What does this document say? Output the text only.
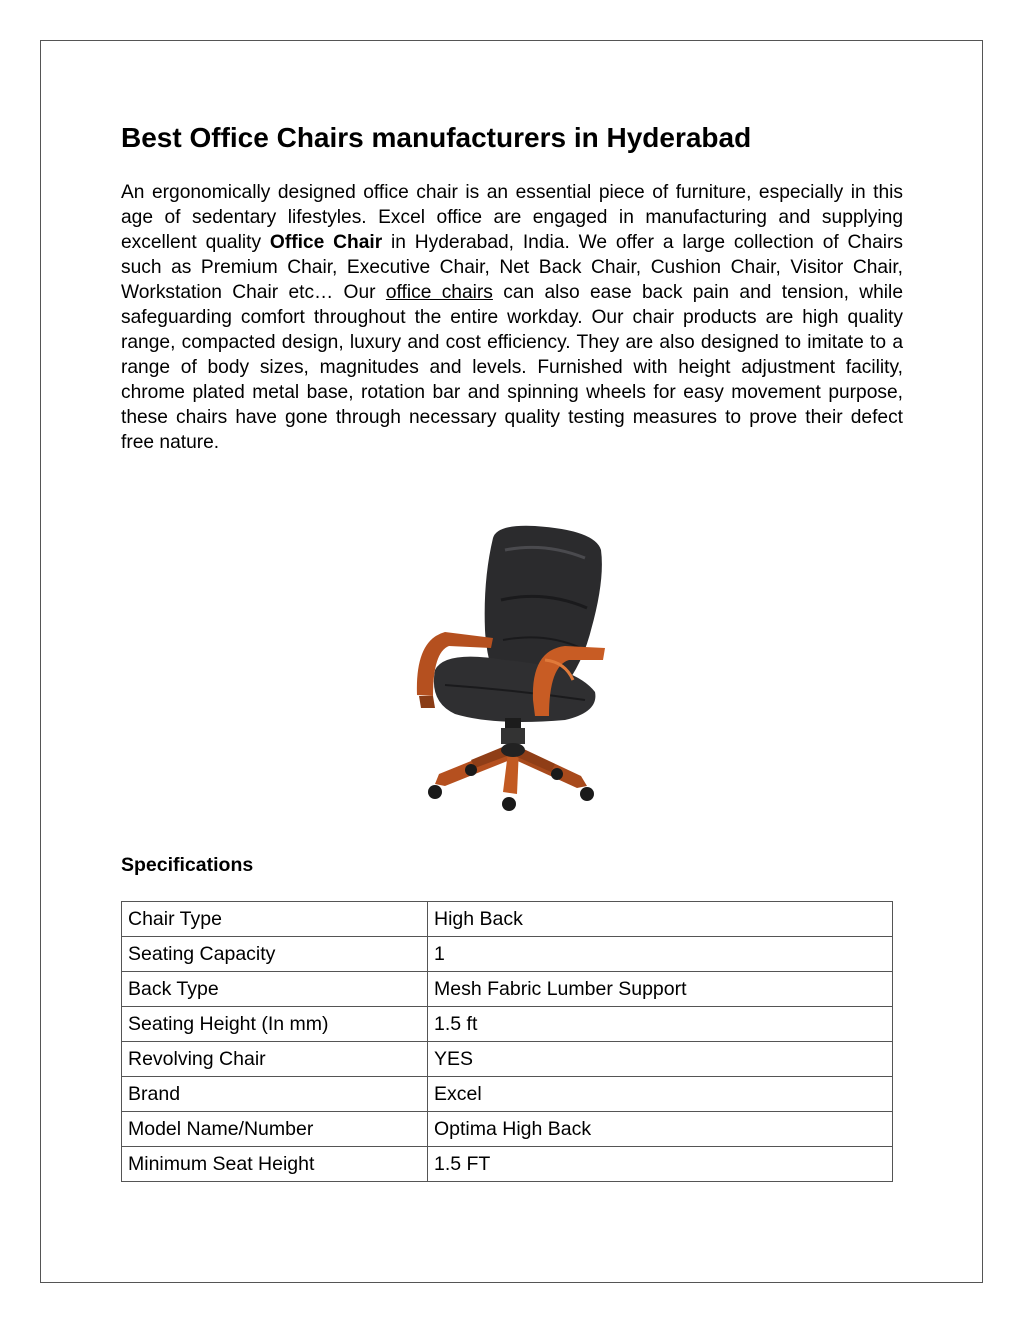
Best Office Chairs manufacturers in Hyderabad

An ergonomically designed office chair is an essential piece of furniture, especially in this age of sedentary lifestyles. Excel office are engaged in manufacturing and supplying excellent quality Office Chair in Hyderabad, India. We offer a large collection of Chairs such as Premium Chair, Executive Chair, Net Back Chair, Cushion Chair, Visitor Chair, Workstation Chair etc… Our office chairs can also ease back pain and tension, while safeguarding comfort throughout the entire workday. Our chair products are high quality range, compacted design, luxury and cost efficiency. They are also designed to imitate to a range of body sizes, magnitudes and levels. Furnished with height adjustment facility, chrome plated metal base, rotation bar and spinning wheels for easy movement purpose, these chairs have gone through necessary quality testing measures to prove their defect free nature.

Specifications
Chair Type	High Back
Seating Capacity	1
Back Type	Mesh Fabric Lumber Support
Seating Height (In mm)	1.5 ft
Revolving Chair	YES
Brand	Excel
Model Name/Number	Optima High Back
Minimum Seat Height	1.5 FT
